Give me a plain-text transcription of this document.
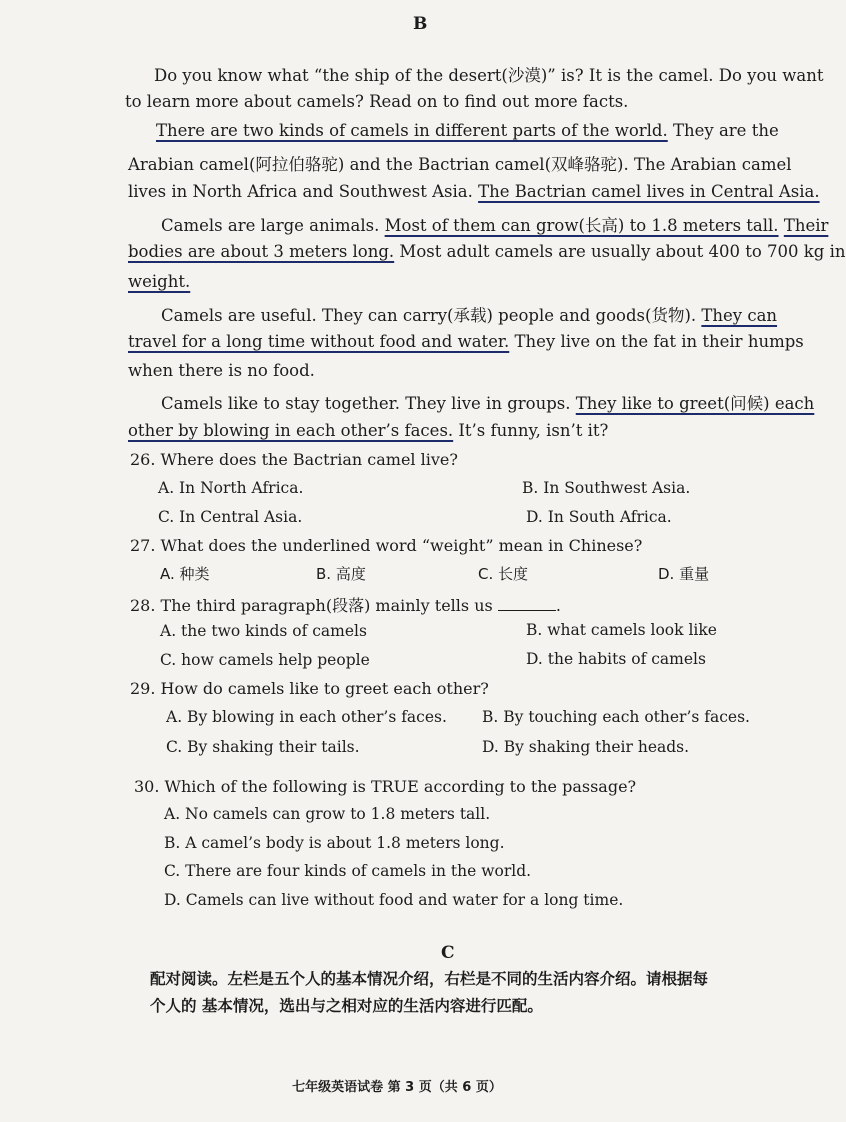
B
Do you know what “the ship of the desert(沙漠)” is? It is the camel. Do you want
to learn more about camels? Read on to find out more facts.
There are two kinds of camels in different parts of the world. They are the
Arabian camel(阿拉伯骆驼) and the Bactrian camel(双峰骆驼). The Arabian camel
lives in North Africa and Southwest Asia. The Bactrian camel lives in Central Asia.
Camels are large animals. Most of them can grow(长高) to 1.8 meters tall. Their
bodies are about 3 meters long. Most adult camels are usually about 400 to 700 kg in
weight.
Camels are useful. They can carry(承载) people and goods(货物). They can
travel for a long time without food and water. They live on the fat in their humps
when there is no food.
Camels like to stay together. They live in groups. They like to greet(问候) each
other by blowing in each other’s faces. It’s funny, isn’t it?
26. Where does the Bactrian camel live?
A. In North Africa.	B. In Southwest Asia.
C. In Central Asia.	D. In South Africa.
27. What does the underlined word “weight” mean in Chinese?
A. 种类	B. 高度	C. 长度	D. 重量
28. The third paragraph(段落) mainly tells us	.
A. the two kinds of camels	B. what camels look like
C. how camels help people	D. the habits of camels
29. How do camels like to greet each other?
A. By blowing in each other’s faces. B. By touching each other’s faces.
C. By shaking their tails.	D. By shaking their heads.
30. Which of the following is TRUE according to the passage?
A. No camels can grow to 1.8 meters tall.
B. A camel’s body is about 1.8 meters long.
C. There are four kinds of camels in the world.
D. Camels can live without food and water for a long time.
C
配对阅读。左栏是五个人的基本情况介绍，右栏是不同的生活内容介绍。请根据每个人的 基本情况，选出与之相对应的生活内容进行匹配。
七年级英语试卷 第 3 页（共 6 页）
